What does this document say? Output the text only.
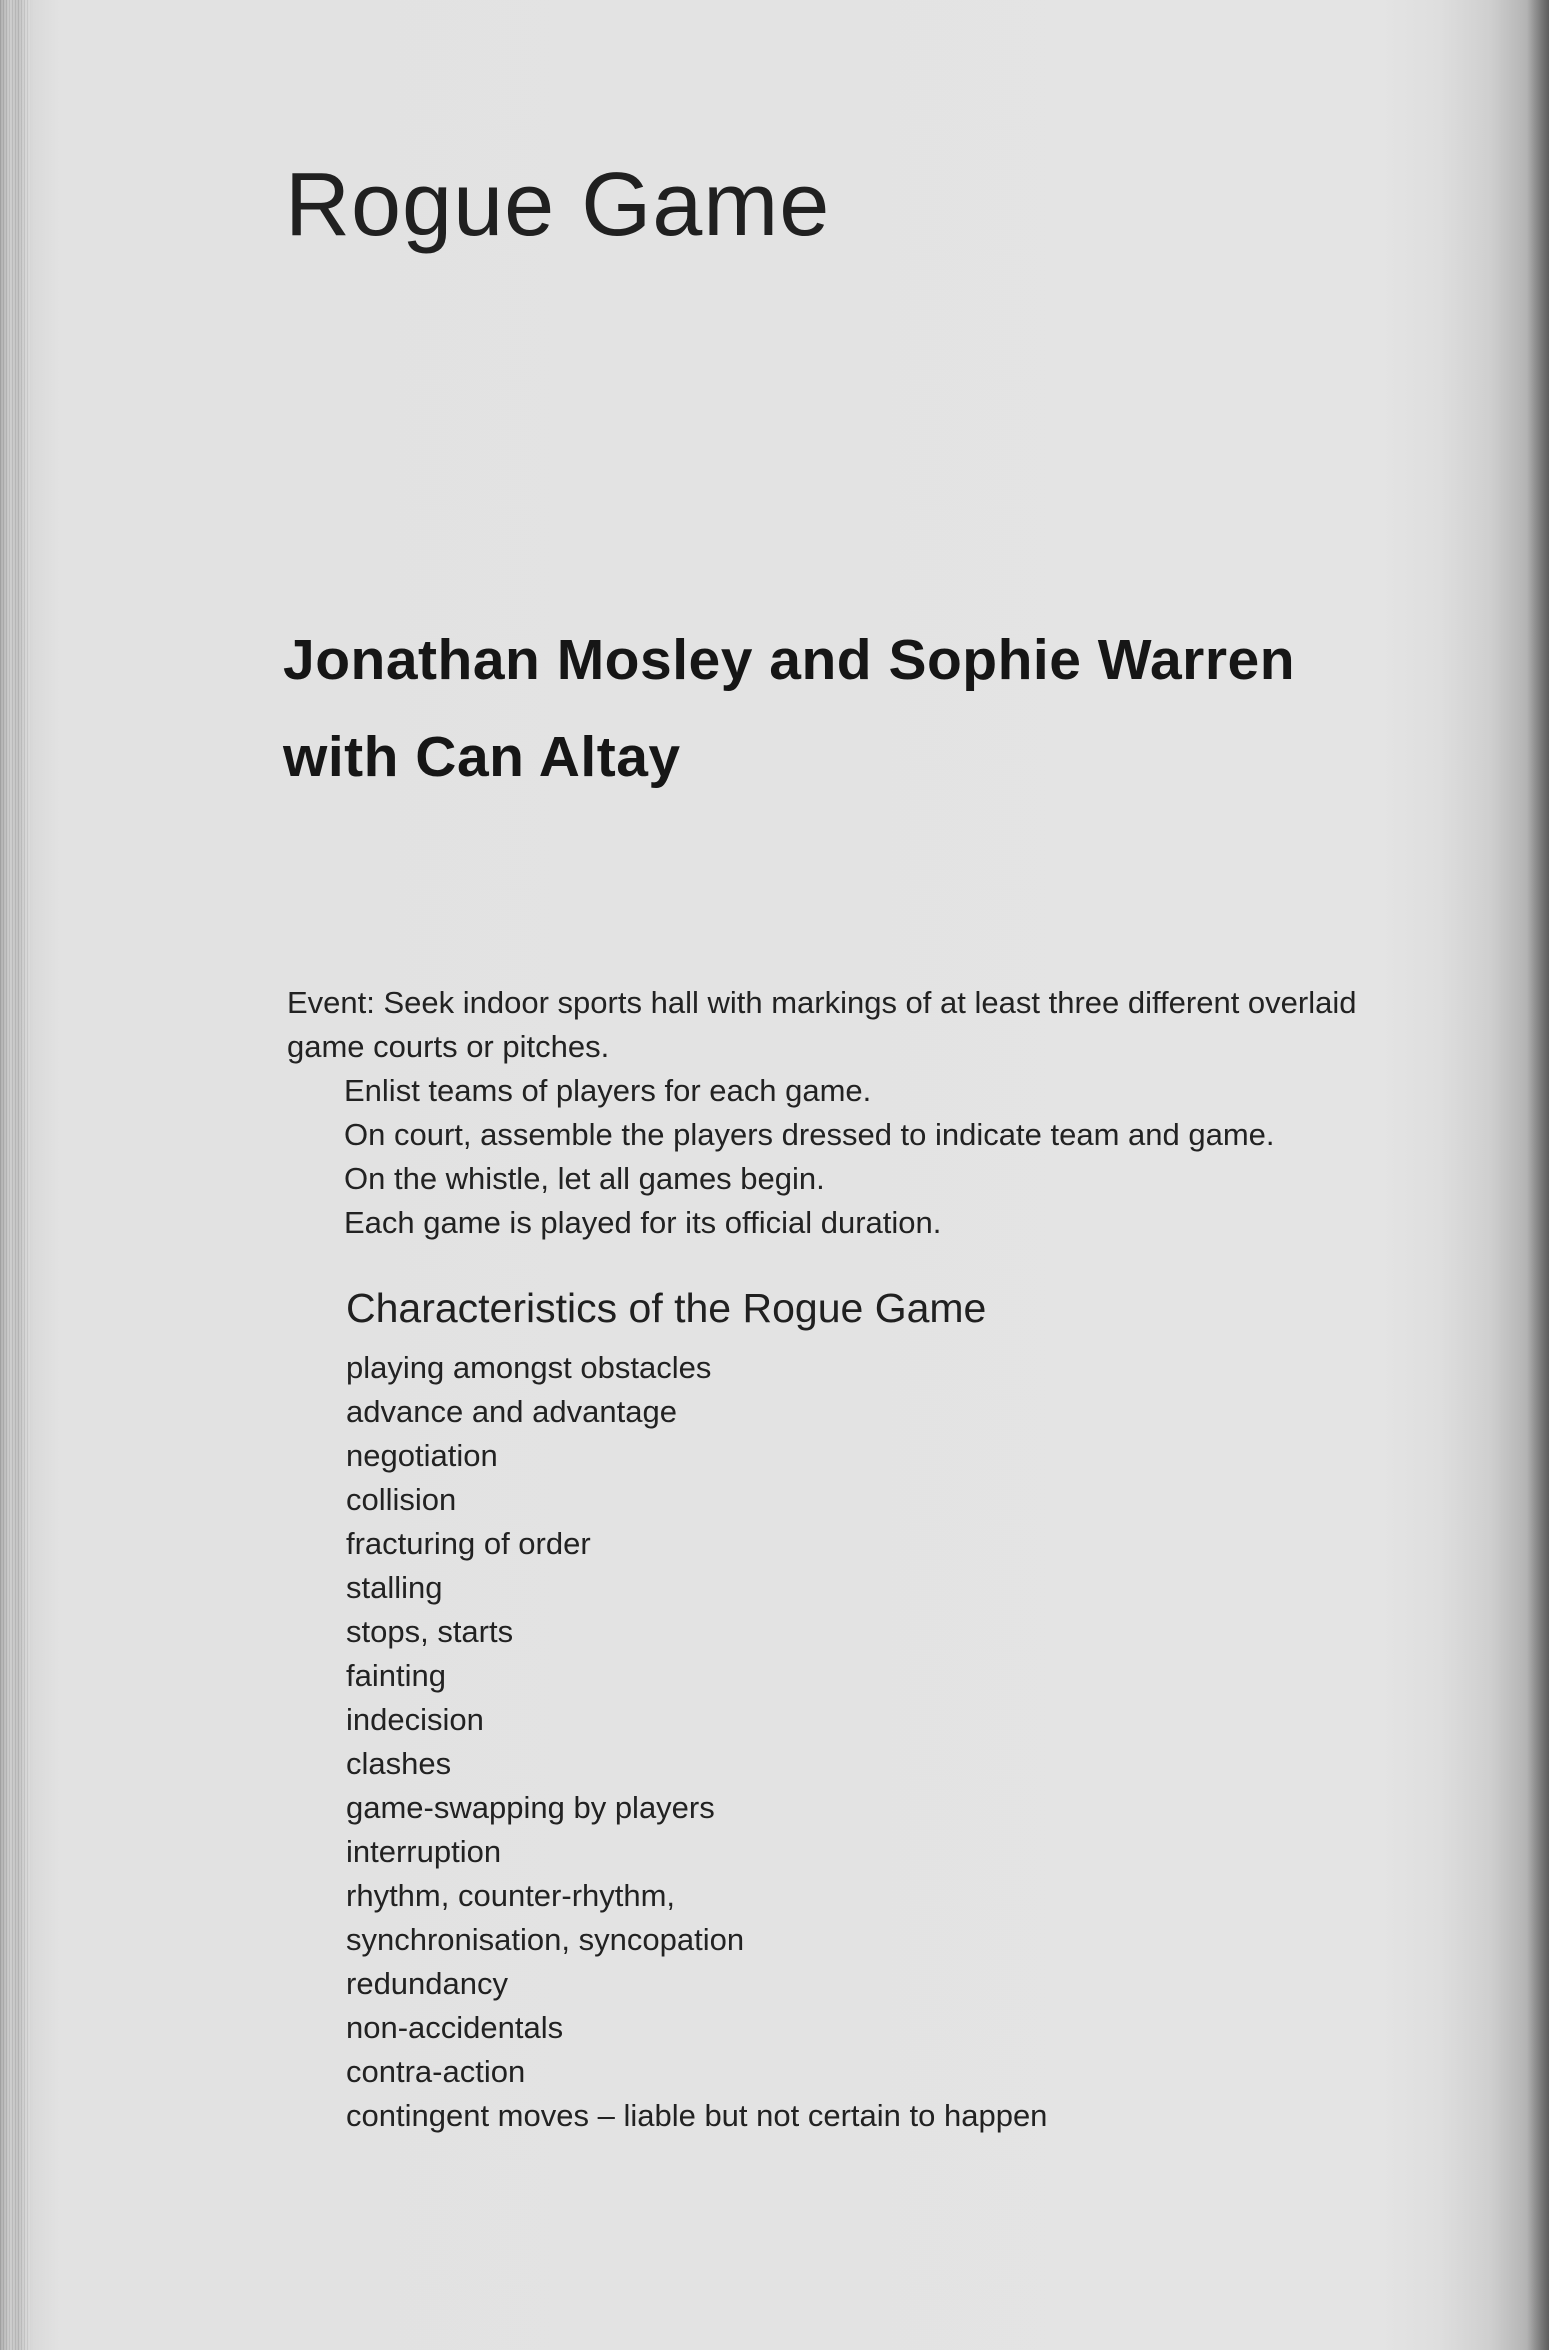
Rogue Game
Jonathan Mosley and Sophie Warren
with Can Altay
Event: Seek indoor sports hall with markings of at least three different overlaid
game courts or pitches.
Enlist teams of players for each game.
On court, assemble the players dressed to indicate team and game.
On the whistle, let all games begin.
Each game is played for its official duration.
Characteristics of the Rogue Game
playing amongst obstacles
advance and advantage
negotiation
collision
fracturing of order
stalling
stops, starts
fainting
indecision
clashes
game-swapping by players
interruption
rhythm, counter-rhythm,
synchronisation, syncopation
redundancy
non-accidentals
contra-action
contingent moves – liable but not certain to happen
